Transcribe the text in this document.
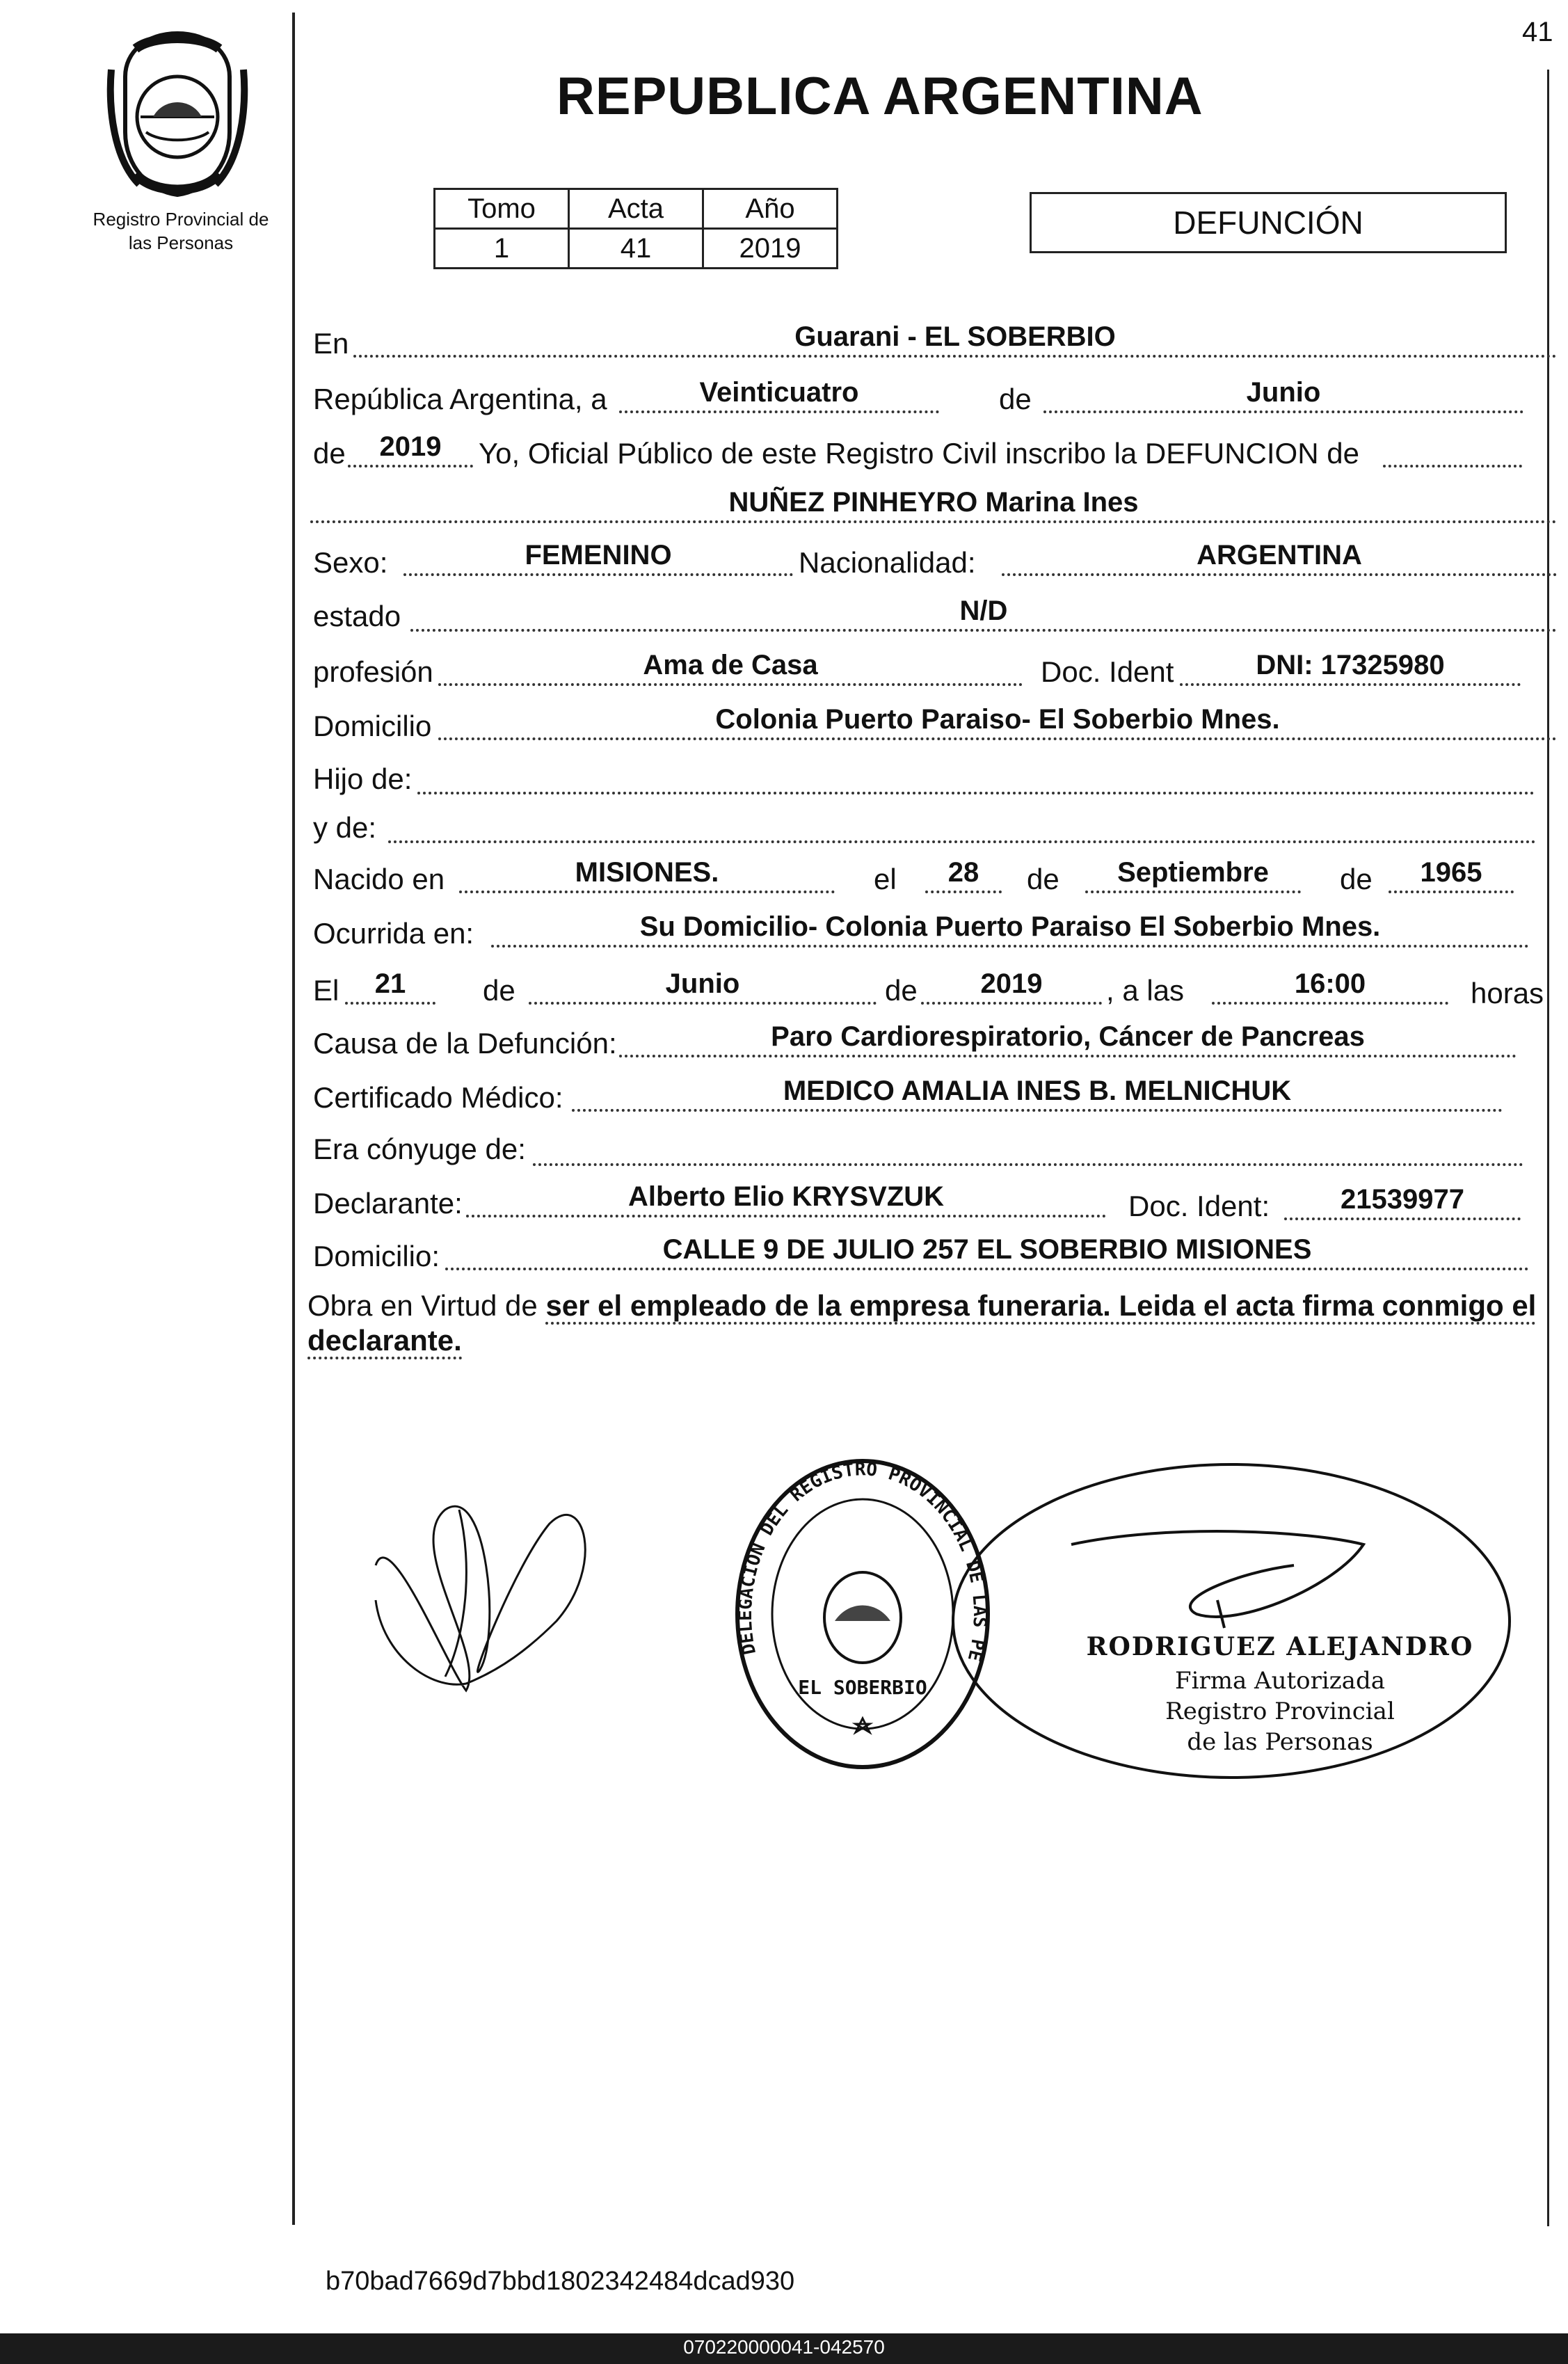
41
Registro Provincial de
las Personas
REPUBLICA ARGENTINA
Tomo	Acta	Año
1	41	2019
DEFUNCIÓN
En	Guarani - EL SOBERBIO
República Argentina, a	Veinticuatro	de	Junio
de	2019	Yo, Oficial Público de este Registro Civil inscribo la DEFUNCION de
NUÑEZ PINHEYRO Marina Ines
Sexo:	FEMENINO	Nacionalidad:	ARGENTINA
estado	N/D
profesión	Ama de Casa	Doc. Ident	DNI: 17325980
Domicilio	Colonia Puerto Paraiso- El Soberbio Mnes.
Hijo de:
y de:
Nacido en	MISIONES.	el	28	de	Septiembre	de	1965
Ocurrida en:	Su Domicilio- Colonia Puerto Paraiso El Soberbio Mnes.
El	21	de	Junio	de	2019	, a las	16:00	horas
Causa de la Defunción:	Paro Cardiorespiratorio, Cáncer de Pancreas
Certificado Médico:	MEDICO AMALIA INES B. MELNICHUK
Era cónyuge de:
Declarante:	Alberto Elio KRYSVZUK	Doc. Ident:	21539977
Domicilio:	CALLE 9 DE JULIO 257 EL SOBERBIO MISIONES
Obra en Virtud de ser el empleado de la empresa funeraria. Leida el acta firma conmigo el declarante.
DELEGACION DEL REGISTRO PROVINCIAL DE LAS PE
EL SOBERBIO
RODRIGUEZ ALEJANDRO
Firma Autorizada
Registro Provincial
de las Personas
b70bad7669d7bbd1802342484dcad930
070220000041-042570
